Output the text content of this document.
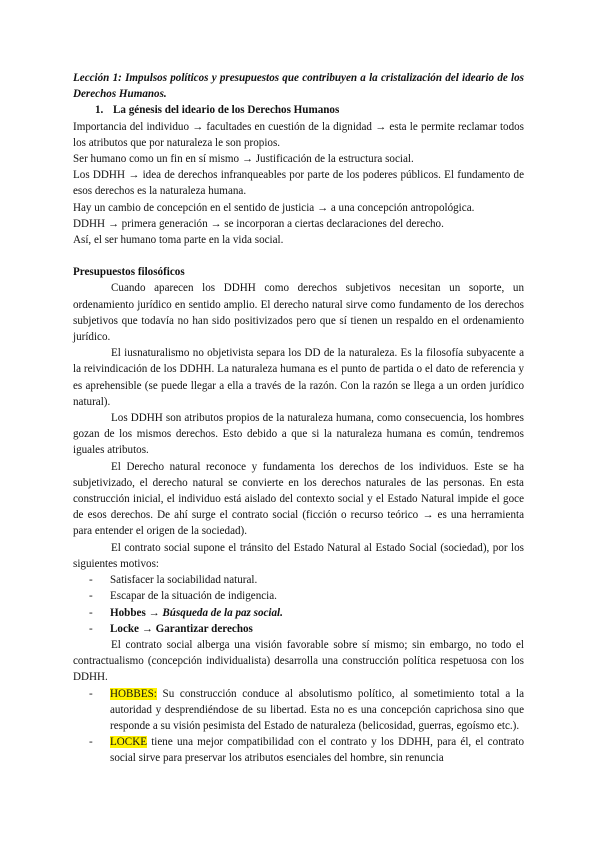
Lección 1: Impulsos políticos y presupuestos que contribuyen a la cristalización del ideario de los Derechos Humanos.

1. La génesis del ideario de los Derechos Humanos

Importancia del individuo → facultades en cuestión de la dignidad → esta le permite reclamar todos los atributos que por naturaleza le son propios.

Ser humano como un fin en sí mismo → Justificación de la estructura social.

Los DDHH → idea de derechos infranqueables por parte de los poderes públicos. El fundamento de esos derechos es la naturaleza humana.

Hay un cambio de concepción en el sentido de justicia → a una concepción antropológica.

DDHH → primera generación → se incorporan a ciertas declaraciones del derecho.

Así, el ser humano toma parte en la vida social.

Presupuestos filosóficos

Cuando aparecen los DDHH como derechos subjetivos necesitan un soporte, un ordenamiento jurídico en sentido amplio. El derecho natural sirve como fundamento de los derechos subjetivos que todavía no han sido positivizados pero que sí tienen un respaldo en el ordenamiento jurídico.

El iusnaturalismo no objetivista separa los DD de la naturaleza. Es la filosofía subyacente a la reivindicación de los DDHH. La naturaleza humana es el punto de partida o el dato de referencia y es aprehensible (se puede llegar a ella a través de la razón. Con la razón se llega a un orden jurídico natural).

Los DDHH son atributos propios de la naturaleza humana, como consecuencia, los hombres gozan de los mismos derechos. Esto debido a que si la naturaleza humana es común, tendremos iguales atributos.

El Derecho natural reconoce y fundamenta los derechos de los individuos. Este se ha subjetivizado, el derecho natural se convierte en los derechos naturales de las personas. En esta construcción inicial, el individuo está aislado del contexto social y el Estado Natural impide el goce de esos derechos. De ahí surge el contrato social (ficción o recurso teórico → es una herramienta para entender el origen de la sociedad).

El contrato social supone el tránsito del Estado Natural al Estado Social (sociedad), por los siguientes motivos:

- Satisfacer la sociabilidad natural.
- Escapar de la situación de indigencia.
- Hobbes → Búsqueda de la paz social.
- Locke → Garantizar derechos

El contrato social alberga una visión favorable sobre sí mismo; sin embargo, no todo el contractualismo (concepción individualista) desarrolla una construcción política respetuosa con los DDHH.

- HOBBES: Su construcción conduce al absolutismo político, al sometimiento total a la autoridad y desprendiéndose de su libertad. Esta no es una concepción caprichosa sino que responde a su visión pesimista del Estado de naturaleza (belicosidad, guerras, egoísmo etc.).
- LOCKE tiene una mejor compatibilidad con el contrato y los DDHH, para él, el contrato social sirve para preservar los atributos esenciales del hombre, sin renuncia
